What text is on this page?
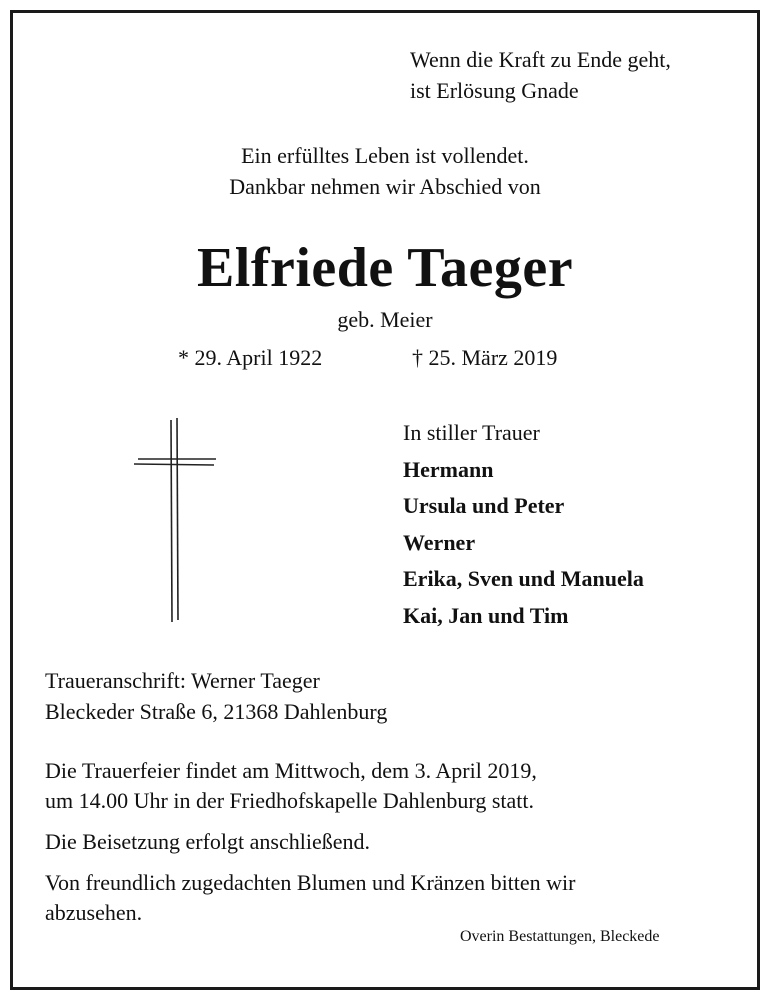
Wenn die Kraft zu Ende geht,
ist Erlösung Gnade
Ein erfülltes Leben ist vollendet.
Dankbar nehmen wir Abschied von
Elfriede Taeger
geb. Meier
* 29. April 1922	† 25. März 2019
In stiller Trauer
Hermann
Ursula und Peter
Werner
Erika, Sven und Manuela
Kai, Jan und Tim
Traueranschrift: Werner Taeger
Bleckeder Straße 6, 21368 Dahlenburg

Die Trauerfeier findet am Mittwoch, dem 3. April 2019,
um 14.00 Uhr in der Friedhofskapelle Dahlenburg statt.

Die Beisetzung erfolgt anschließend.

Von freundlich zugedachten Blumen und Kränzen bitten wir
abzusehen.

Overin Bestattungen, Bleckede
